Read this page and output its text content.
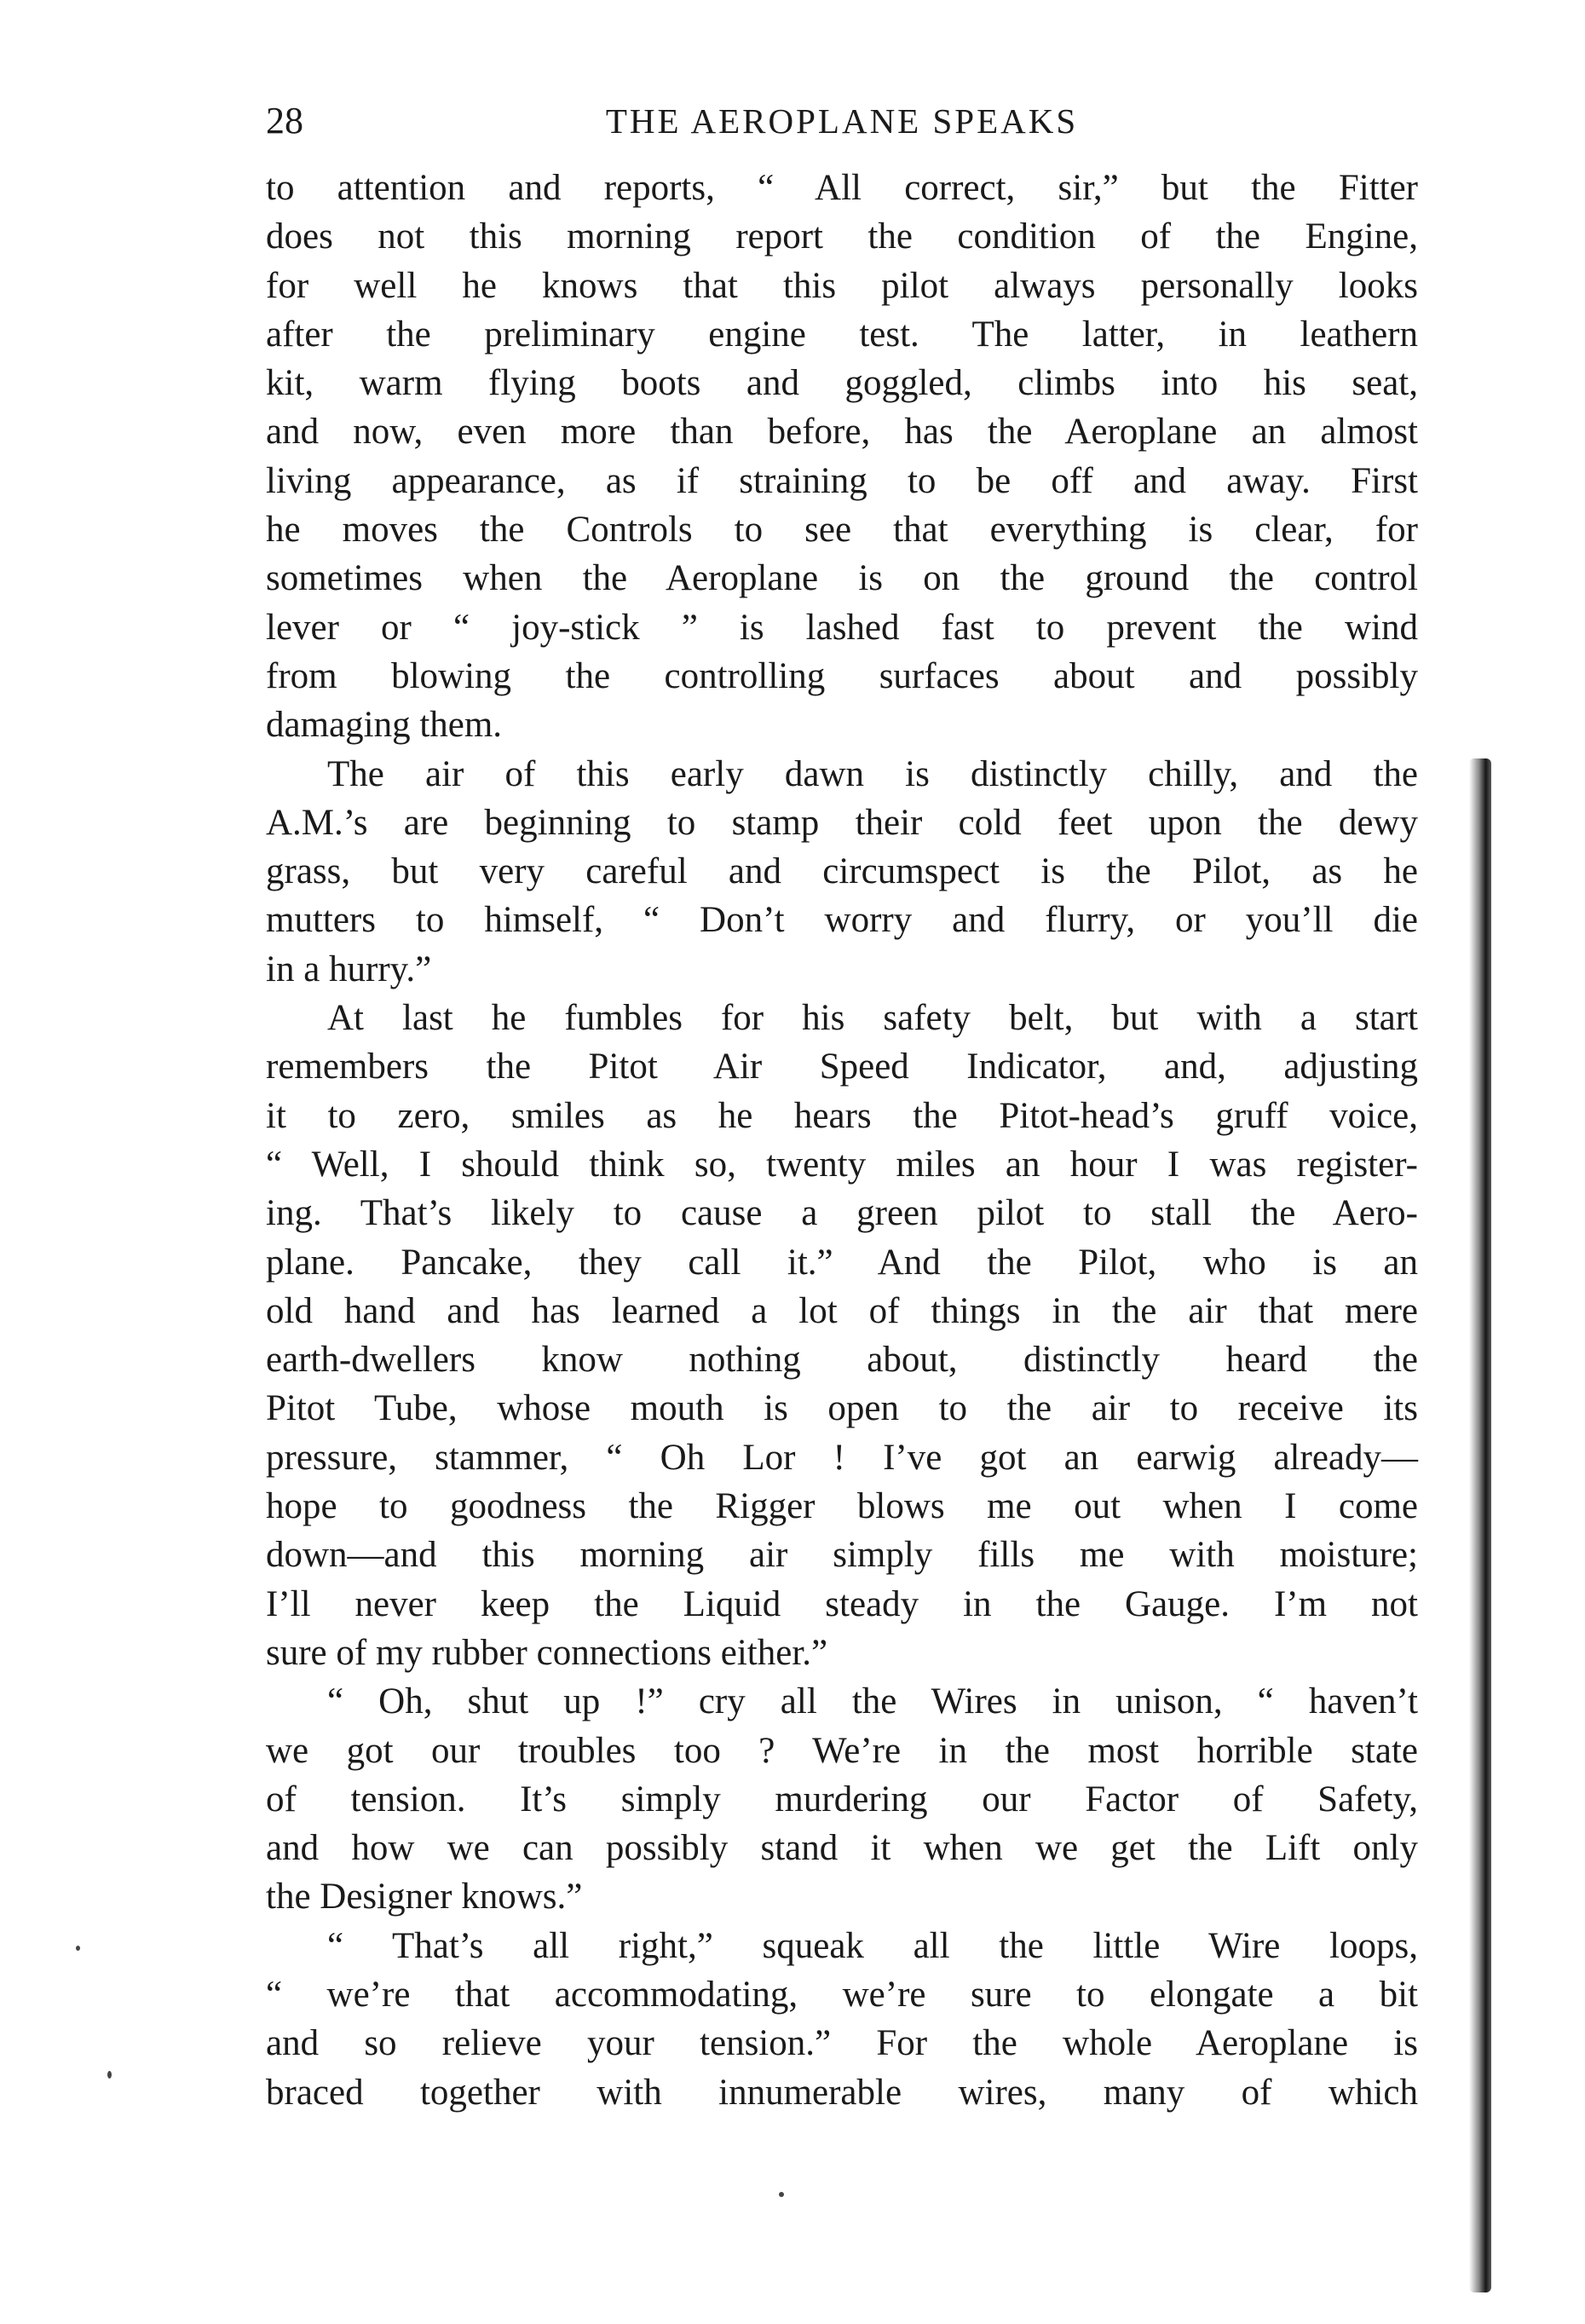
28	THE AEROPLANE SPEAKS
to attention and reports, “ All correct, sir,” but the Fitter
does not this morning report the condition of the Engine,
for well he knows that this pilot always personally looks
after the preliminary engine test. The latter, in leathern
kit, warm flying boots and goggled, climbs into his seat,
and now, even more than before, has the Aeroplane an almost
living appearance, as if straining to be off and away. First
he moves the Controls to see that everything is clear, for
sometimes when the Aeroplane is on the ground the control
lever or “ joy-stick ” is lashed fast to prevent the wind
from blowing the controlling surfaces about and possibly
damaging them.
The air of this early dawn is distinctly chilly, and the
A.M.’s are beginning to stamp their cold feet upon the dewy
grass, but very careful and circumspect is the Pilot, as he
mutters to himself, “ Don’t worry and flurry, or you’ll die
in a hurry.”
At last he fumbles for his safety belt, but with a start
remembers the Pitot Air Speed Indicator, and, adjusting
it to zero, smiles as he hears the Pitot-head’s gruff voice,
“ Well, I should think so, twenty miles an hour I was register-
ing. That’s likely to cause a green pilot to stall the Aero-
plane. Pancake, they call it.” And the Pilot, who is an
old hand and has learned a lot of things in the air that mere
earth-dwellers know nothing about, distinctly heard the
Pitot Tube, whose mouth is open to the air to receive its
pressure, stammer, “ Oh Lor ! I’ve got an earwig already—
hope to goodness the Rigger blows me out when I come
down—and this morning air simply fills me with moisture;
I’ll never keep the Liquid steady in the Gauge. I’m not
sure of my rubber connections either.”
“ Oh, shut up !” cry all the Wires in unison, “ haven’t
we got our troubles too ? We’re in the most horrible state
of tension. It’s simply murdering our Factor of Safety,
and how we can possibly stand it when we get the Lift only
the Designer knows.”
“ That’s all right,” squeak all the little Wire loops,
“ we’re that accommodating, we’re sure to elongate a bit
and so relieve your tension.” For the whole Aeroplane is
braced together with innumerable wires, many of which
